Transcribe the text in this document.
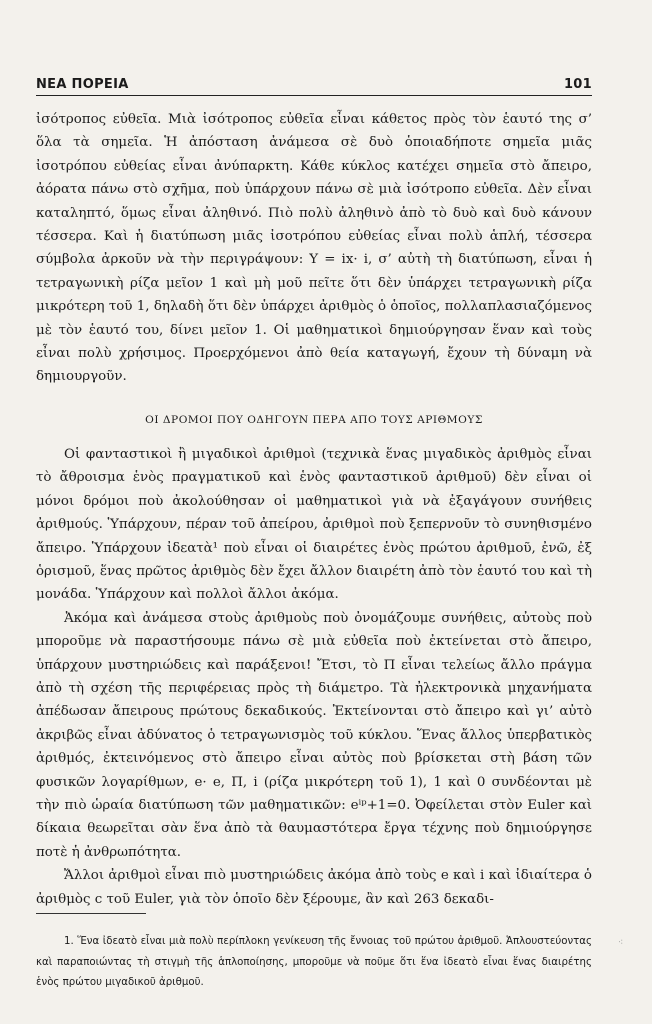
ΝΕΑ ΠΟΡΕΙΑ	101

ἰσότροπος εὐθεῖα. Μιὰ ἰσότροπος εὐθεῖα εἶναι κάθετος πρὸς τὸν ἑαυτό της σ’ ὅλα τὰ σημεῖα. Ἡ ἀπόσταση ἀνάμεσα σὲ δυὸ ὁποιαδήποτε σημεῖα μιᾶς ἰσοτρόπου εὐθείας εἶναι ἀνύπαρκτη. Κάθε κύκλος κατέχει σημεῖα στὸ ἄπειρο, ἀόρατα πάνω στὸ σχῆμα, ποὺ ὑπάρχουν πάνω σὲ μιὰ ἰσότροπο εὐθεῖα. Δὲν εἶναι καταληπτό, ὅμως εἶναι ἀληθινό. Πιὸ πολὺ ἀληθινὸ ἀπὸ τὸ δυὸ καὶ δυὸ κάνουν τέσσερα. Καὶ ἡ διατύπωση μιᾶς ἰσοτρόπου εὐθείας εἶναι πολὺ ἁπλή, τέσσερα σύμβολα ἀρκοῦν νὰ τὴν περιγράψουν: Y = ix· i, σ’ αὐτὴ τὴ διατύπωση, εἶναι ἡ τετραγωνικὴ ρίζα μεῖον 1 καὶ μὴ μοῦ πεῖτε ὅτι δὲν ὑπάρχει τετραγωνικὴ ρίζα μικρότερη τοῦ 1, δηλαδὴ ὅτι δὲν ὑπάρχει ἀριθμὸς ὁ ὁποῖος, πολλαπλασιαζόμενος μὲ τὸν ἑαυτό του, δίνει μεῖον 1. Οἱ μαθηματικοὶ δημιούργησαν ἕναν καὶ τοὺς εἶναι πολὺ χρήσιμος. Προερχόμενοι ἀπὸ θεία καταγωγή, ἔχουν τὴ δύναμη νὰ δημιουργοῦν.

ΟΙ ΔΡΟΜΟΙ ΠΟΥ ΟΔΗΓΟΥΝ ΠΕΡΑ ΑΠΟ ΤΟΥΣ ΑΡΙΘΜΟΥΣ

Οἱ φανταστικοὶ ἢ μιγαδικοὶ ἀριθμοὶ (τεχνικὰ ἕνας μιγαδικὸς ἀριθμὸς εἶναι τὸ ἄθροισμα ἑνὸς πραγματικοῦ καὶ ἑνὸς φανταστικοῦ ἀριθμοῦ) δὲν εἶναι οἱ μόνοι δρόμοι ποὺ ἀκολούθησαν οἱ μαθηματικοὶ γιὰ νὰ ἐξαγάγουν συνήθεις ἀριθμούς. Ὑπάρχουν, πέραν τοῦ ἀπείρου, ἀριθμοὶ ποὺ ξεπερνοῦν τὸ συνηθισμένο ἄπειρο. Ὑπάρχουν ἰδεατὰ¹ ποὺ εἶναι οἱ διαιρέτες ἑνὸς πρώτου ἀριθμοῦ, ἐνῶ, ἐξ ὁρισμοῦ, ἕνας πρῶτος ἀριθμὸς δὲν ἔχει ἄλλον διαιρέτη ἀπὸ τὸν ἑαυτό του καὶ τὴ μονάδα. Ὑπάρχουν καὶ πολλοὶ ἄλλοι ἀκόμα.

Ἀκόμα καὶ ἀνάμεσα στοὺς ἀριθμοὺς ποὺ ὀνομάζουμε συνήθεις, αὐτοὺς ποὺ μποροῦμε νὰ παραστήσουμε πάνω σὲ μιὰ εὐθεῖα ποὺ ἐκτείνεται στὸ ἄπειρο, ὑπάρχουν μυστηριώδεις καὶ παράξενοι! Ἔτσι, τὸ Π εἶναι τελείως ἄλλο πράγμα ἀπὸ τὴ σχέση τῆς περιφέρειας πρὸς τὴ διάμετρο. Τὰ ἠλεκτρονικὰ μηχανήματα ἀπέδωσαν ἄπειρους πρώτους δεκαδικούς. Ἐκτείνονται στὸ ἄπειρο καὶ γι’ αὐτὸ ἀκριβῶς εἶναι ἀδύνατος ὁ τετραγωνισμὸς τοῦ κύκλου. Ἕνας ἄλλος ὑπερβατικὸς ἀριθμός, ἐκτεινόμενος στὸ ἄπειρο εἶναι αὐτὸς ποὺ βρίσκεται στὴ βάση τῶν φυσικῶν λογαρίθμων, e· e, Π, i (ρίζα μικρότερη τοῦ 1), 1 καὶ 0 συνδέονται μὲ τὴν πιὸ ὡραία διατύπωση τῶν μαθηματικῶν: eⁱᵖ+1=0. Ὀφείλεται στὸν Euler καὶ δίκαια θεωρεῖται σὰν ἕνα ἀπὸ τὰ θαυμαστότερα ἔργα τέχνης ποὺ δημιούργησε ποτὲ ἡ ἀνθρωπότητα.

Ἄλλοι ἀριθμοὶ εἶναι πιὸ μυστηριώδεις ἀκόμα ἀπὸ τοὺς e καὶ i καὶ ἰδιαίτερα ὁ ἀριθμὸς c τοῦ Euler, γιὰ τὸν ὁποῖο δὲν ξέρουμε, ἂν καὶ 263 δεκαδι-

1. Ἕνα ἰδεατὸ εἶναι μιὰ πολὺ περίπλοκη γενίκευση τῆς ἔννοιας τοῦ πρώτου ἀριθμοῦ. Ἁπλουστεύοντας καὶ παραποιώντας τὴ στιγμὴ τῆς ἁπλοποίησης, μποροῦμε νὰ ποῦμε ὅτι ἕνα ἰδεατὸ εἶναι ἕνας διαιρέτης ἑνὸς πρώτου μιγαδικοῦ ἀριθμοῦ.
⁖
